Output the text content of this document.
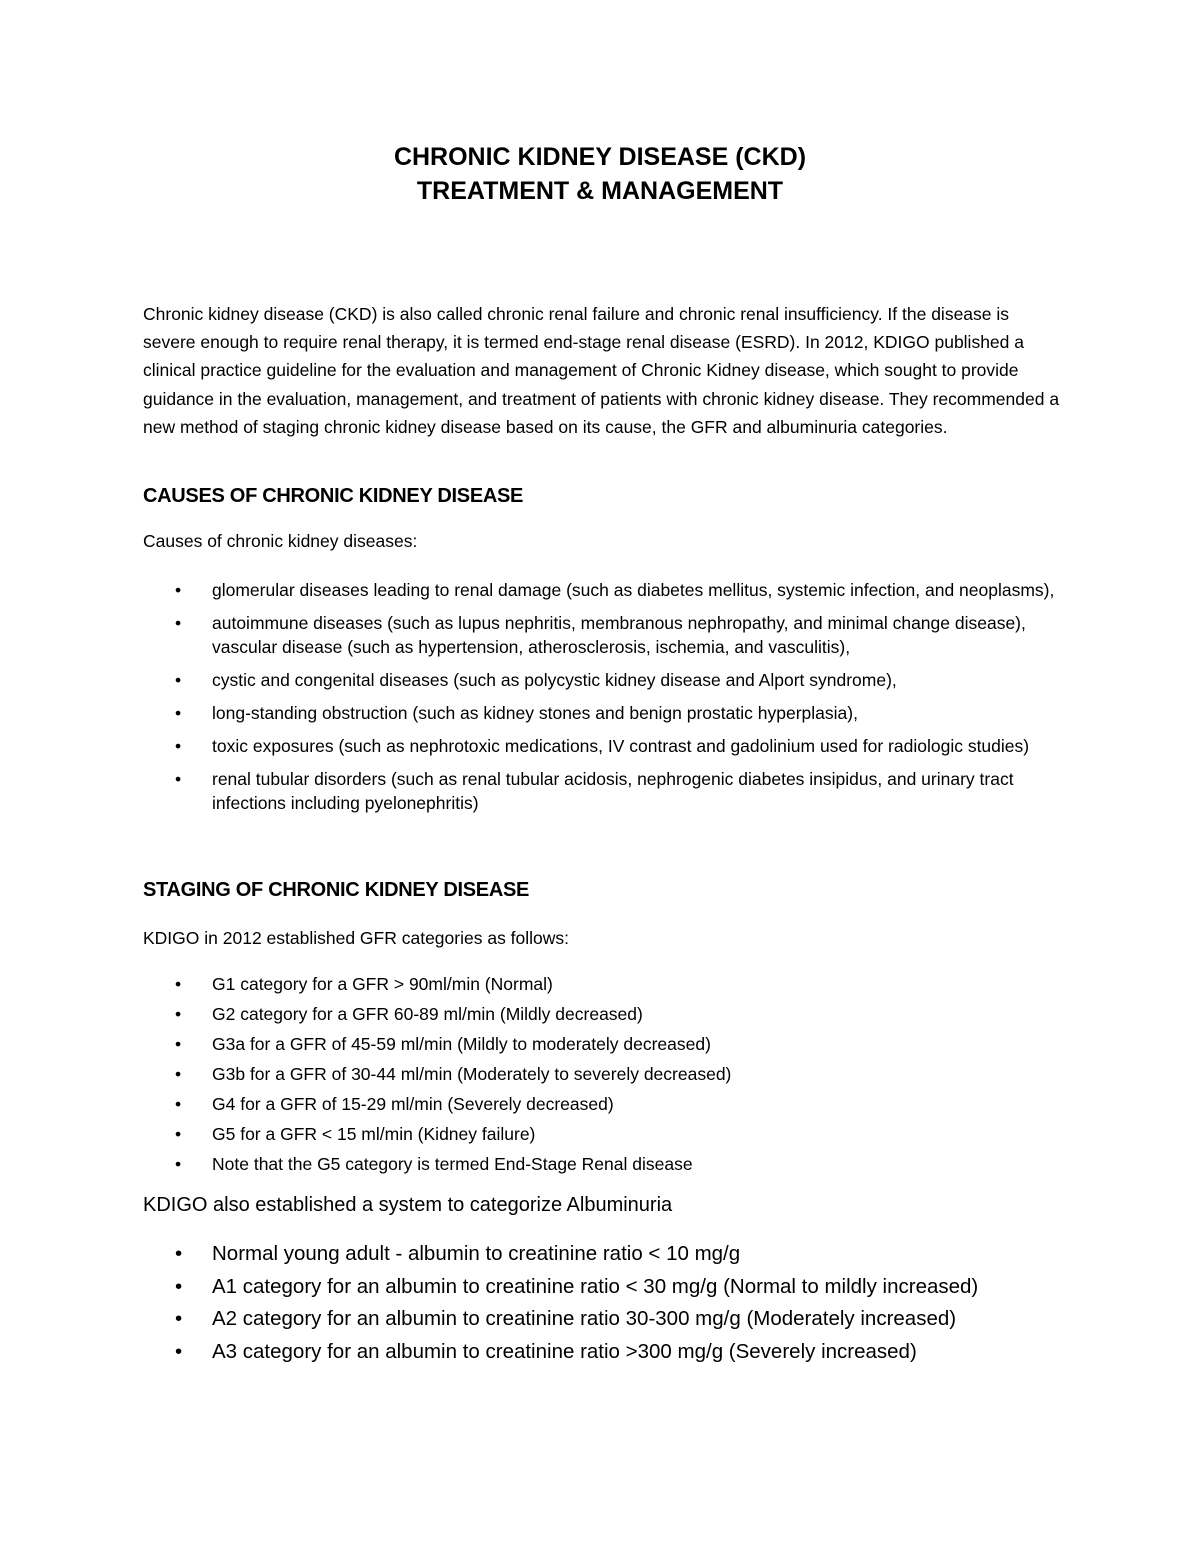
CHRONIC KIDNEY DISEASE (CKD)
TREATMENT & MANAGEMENT

Chronic kidney disease (CKD) is also called chronic renal failure and chronic renal insufficiency. If the disease is severe enough to require renal therapy, it is termed end-stage renal disease (ESRD). In 2012, KDIGO published a clinical practice guideline for the evaluation and management of Chronic Kidney disease, which sought to provide guidance in the evaluation, management, and treatment of patients with chronic kidney disease. They recommended a new method of staging chronic kidney disease based on its cause, the GFR and albuminuria categories.

CAUSES OF CHRONIC KIDNEY DISEASE

Causes of chronic kidney diseases:

• glomerular diseases leading to renal damage (such as diabetes mellitus, systemic infection, and neoplasms),
• autoimmune diseases (such as lupus nephritis, membranous nephropathy, and minimal change disease), vascular disease (such as hypertension, atherosclerosis, ischemia, and vasculitis),
• cystic and congenital diseases (such as polycystic kidney disease and Alport syndrome),
• long-standing obstruction (such as kidney stones and benign prostatic hyperplasia),
• toxic exposures (such as nephrotoxic medications, IV contrast and gadolinium used for radiologic studies)
• renal tubular disorders (such as renal tubular acidosis, nephrogenic diabetes insipidus, and urinary tract infections including pyelonephritis)
STAGING OF CHRONIC KIDNEY DISEASE

KDIGO in 2012 established GFR categories as follows:

• G1 category for a GFR > 90ml/min (Normal)
• G2 category for a GFR 60-89 ml/min (Mildly decreased)
• G3a for a GFR of 45-59 ml/min (Mildly to moderately decreased)
• G3b for a GFR of 30-44 ml/min (Moderately to severely decreased)
• G4 for a GFR of 15-29 ml/min (Severely decreased)
• G5 for a GFR < 15 ml/min (Kidney failure)
• Note that the G5 category is termed End-Stage Renal disease

KDIGO also established a system to categorize Albuminuria

• Normal young adult - albumin to creatinine ratio < 10 mg/g
• A1 category for an albumin to creatinine ratio < 30 mg/g (Normal to mildly increased)
• A2 category for an albumin to creatinine ratio 30-300 mg/g (Moderately increased)
• A3 category for an albumin to creatinine ratio >300 mg/g (Severely increased)
